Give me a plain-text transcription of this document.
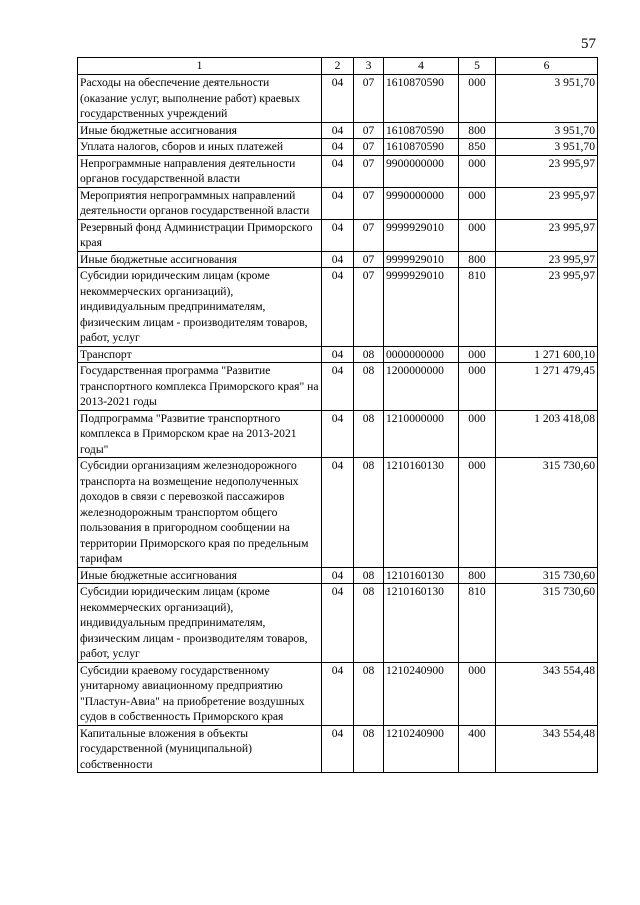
57
1	2	3	4	5	6
Расходы на обеспечение деятельности (оказание услуг, выполнение работ) краевых государственных учреждений	04	07	1610870590	000	3 951,70
Иные бюджетные ассигнования	04	07	1610870590	800	3 951,70
Уплата налогов, сборов и иных платежей	04	07	1610870590	850	3 951,70
Непрограммные направления деятельности органов государственной власти	04	07	9900000000	000	23 995,97
Мероприятия непрограммных направлений деятельности органов государственной власти	04	07	9990000000	000	23 995,97
Резервный фонд Администрации Приморского края	04	07	9999929010	000	23 995,97
Иные бюджетные ассигнования	04	07	9999929010	800	23 995,97
Субсидии юридическим лицам (кроме некоммерческих организаций), индивидуальным предпринимателям, физическим лицам - производителям товаров, работ, услуг	04	07	9999929010	810	23 995,97
Транспорт	04	08	0000000000	000	1 271 600,10
Государственная программа "Развитие транспортного комплекса Приморского края" на 2013-2021 годы	04	08	1200000000	000	1 271 479,45
Подпрограмма "Развитие транспортного комплекса в Приморском крае на 2013-2021 годы"	04	08	1210000000	000	1 203 418,08
Субсидии организациям железнодорожного транспорта на возмещение недополученных доходов в связи с перевозкой пассажиров железнодорожным транспортом общего пользования в пригородном сообщении на территории Приморского края по предельным тарифам	04	08	1210160130	000	315 730,60
Иные бюджетные ассигнования	04	08	1210160130	800	315 730,60
Субсидии юридическим лицам (кроме некоммерческих организаций), индивидуальным предпринимателям, физическим лицам - производителям товаров, работ, услуг	04	08	1210160130	810	315 730,60
Субсидии краевому государственному унитарному авиационному предприятию "Пластун-Авиа" на приобретение воздушных судов в собственность Приморского края	04	08	1210240900	000	343 554,48
Капитальные вложения в объекты государственной (муниципальной) собственности	04	08	1210240900	400	343 554,48
